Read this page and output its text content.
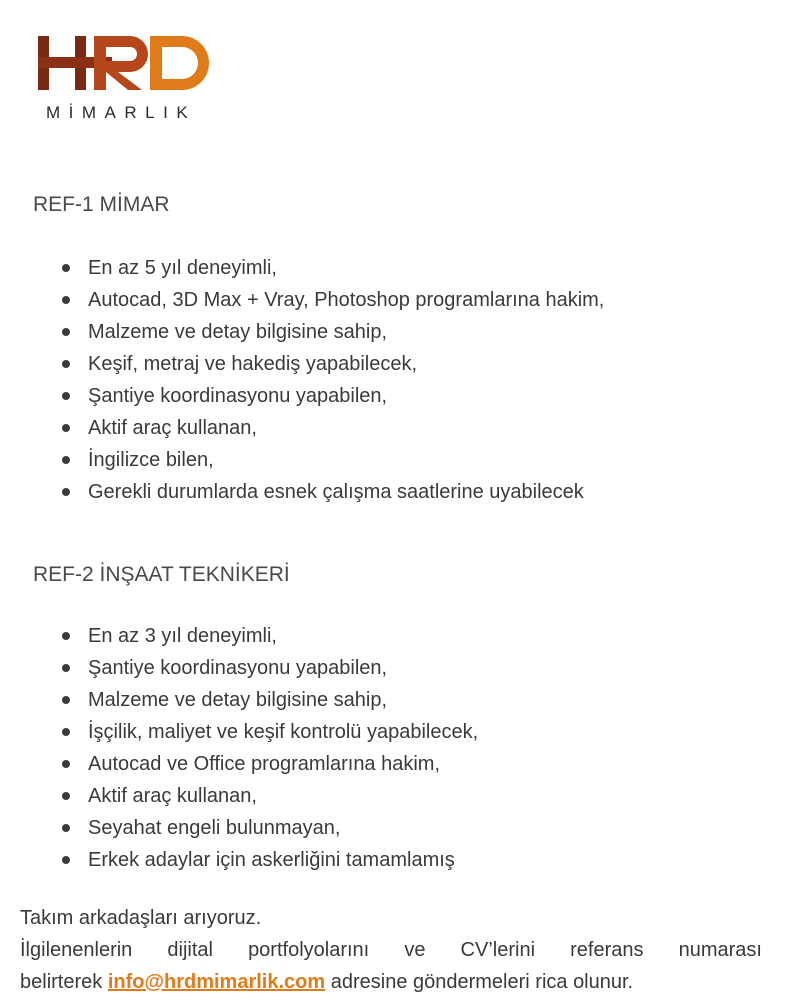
MİMARLIK
REF-1 MİMAR
En az 5 yıl deneyimli,
Autocad, 3D Max + Vray, Photoshop programlarına hakim,
Malzeme ve detay bilgisine sahip,
Keşif, metraj ve hakediş yapabilecek,
Şantiye koordinasyonu yapabilen,
Aktif araç kullanan,
İngilizce bilen,
Gerekli durumlarda esnek çalışma saatlerine uyabilecek
REF-2 İNŞAAT TEKNİKERİ
En az 3 yıl deneyimli,
Şantiye koordinasyonu yapabilen,
Malzeme ve detay bilgisine sahip,
İşçilik, maliyet ve keşif kontrolü yapabilecek,
Autocad ve Office programlarına hakim,
Aktif araç kullanan,
Seyahat engeli bulunmayan,
Erkek adaylar için askerliğini tamamlamış
Takım arkadaşları arıyoruz.
İlgilenenlerin dijital portfolyolarını ve CV’lerini referans numarası
belirterek info@hrdmimarlik.com adresine göndermeleri rica olunur.
